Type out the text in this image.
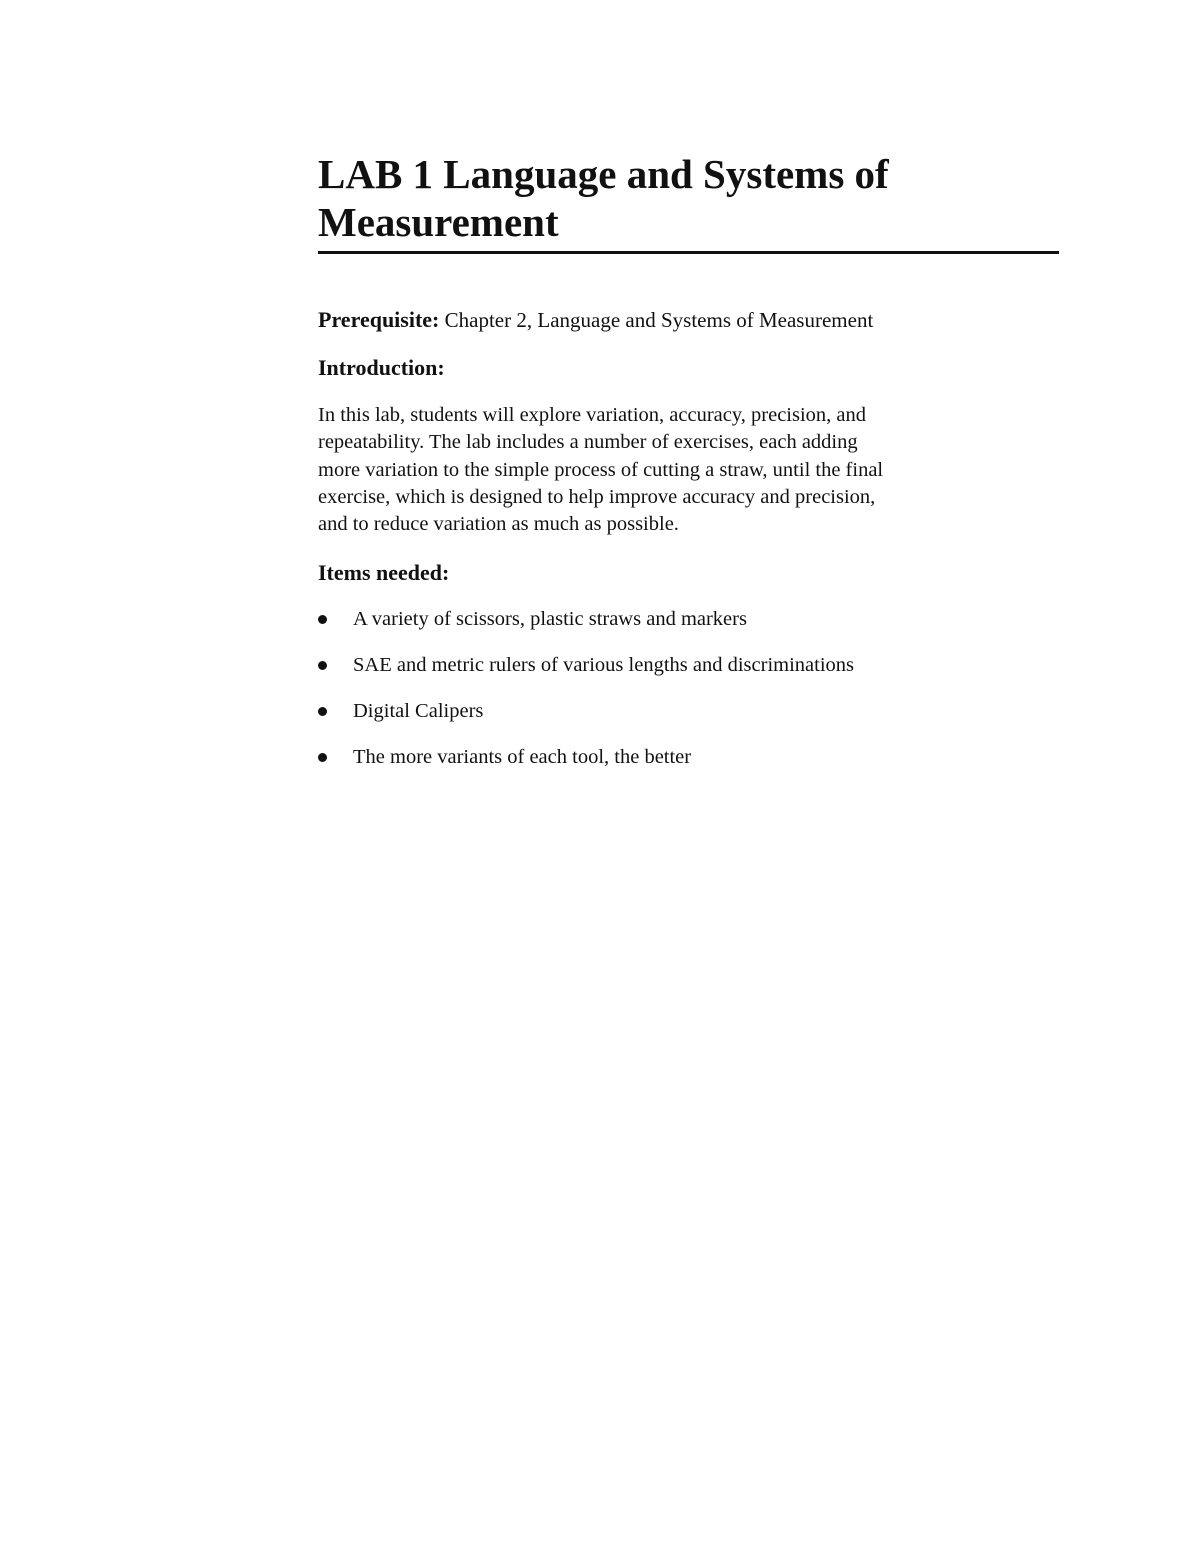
LAB 1 Language and Systems of Measurement
Prerequisite: Chapter 2, Language and Systems of Measurement
Introduction:

In this lab, students will explore variation, accuracy, precision, and repeatability. The lab includes a number of exercises, each adding more variation to the simple process of cutting a straw, until the final exercise, which is designed to help improve accuracy and precision, and to reduce variation as much as possible.

Items needed:
A variety of scissors, plastic straws and markers
SAE and metric rulers of various lengths and discriminations
Digital Calipers
The more variants of each tool, the better
